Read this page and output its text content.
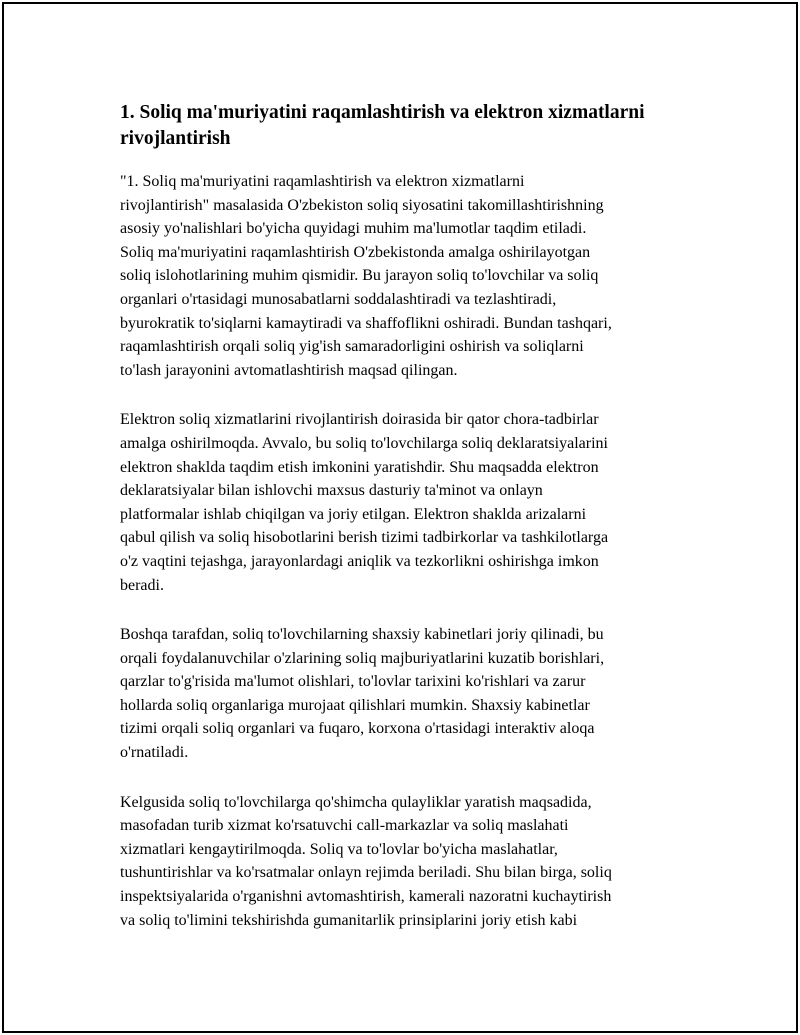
1. Soliq ma'muriyatini raqamlashtirish va elektron xizmatlarni rivojlantirish

"1. Soliq ma'muriyatini raqamlashtirish va elektron xizmatlarni
rivojlantirish" masalasida O'zbekiston soliq siyosatini takomillashtirishning
asosiy yo'nalishlari bo'yicha quyidagi muhim ma'lumotlar taqdim etiladi.
Soliq ma'muriyatini raqamlashtirish O'zbekistonda amalga oshirilayotgan
soliq islohotlarining muhim qismidir. Bu jarayon soliq to'lovchilar va soliq
organlari o'rtasidagi munosabatlarni soddalashtiradi va tezlashtiradi,
byurokratik to'siqlarni kamaytiradi va shaffoflikni oshiradi. Bundan tashqari,
raqamlashtirish orqali soliq yig'ish samaradorligini oshirish va soliqlarni
to'lash jarayonini avtomatlashtirish maqsad qilingan.

Elektron soliq xizmatlarini rivojlantirish doirasida bir qator chora-tadbirlar
amalga oshirilmoqda. Avvalo, bu soliq to'lovchilarga soliq deklaratsiyalarini
elektron shaklda taqdim etish imkonini yaratishdir. Shu maqsadda elektron
deklaratsiyalar bilan ishlovchi maxsus dasturiy ta'minot va onlayn
platformalar ishlab chiqilgan va joriy etilgan. Elektron shaklda arizalarni
qabul qilish va soliq hisobotlarini berish tizimi tadbirkorlar va tashkilotlarga
o'z vaqtini tejashga, jarayonlardagi aniqlik va tezkorlikni oshirishga imkon
beradi.

Boshqa tarafdan, soliq to'lovchilarning shaxsiy kabinetlari joriy qilinadi, bu
orqali foydalanuvchilar o'zlarining soliq majburiyatlarini kuzatib borishlari,
qarzlar to'g'risida ma'lumot olishlari, to'lovlar tarixini ko'rishlari va zarur
hollarda soliq organlariga murojaat qilishlari mumkin. Shaxsiy kabinetlar
tizimi orqali soliq organlari va fuqaro, korxona o'rtasidagi interaktiv aloqa
o'rnatiladi.

Kelgusida soliq to'lovchilarga qo'shimcha qulayliklar yaratish maqsadida,
masofadan turib xizmat ko'rsatuvchi call-markazlar va soliq maslahati
xizmatlari kengaytirilmoqda. Soliq va to'lovlar bo'yicha maslahatlar,
tushuntirishlar va ko'rsatmalar onlayn rejimda beriladi. Shu bilan birga, soliq
inspektsiyalarida o'rganishni avtomashtirish, kamerali nazoratni kuchaytirish
va soliq to'limini tekshirishda gumanitarlik prinsiplarini joriy etish kabi
